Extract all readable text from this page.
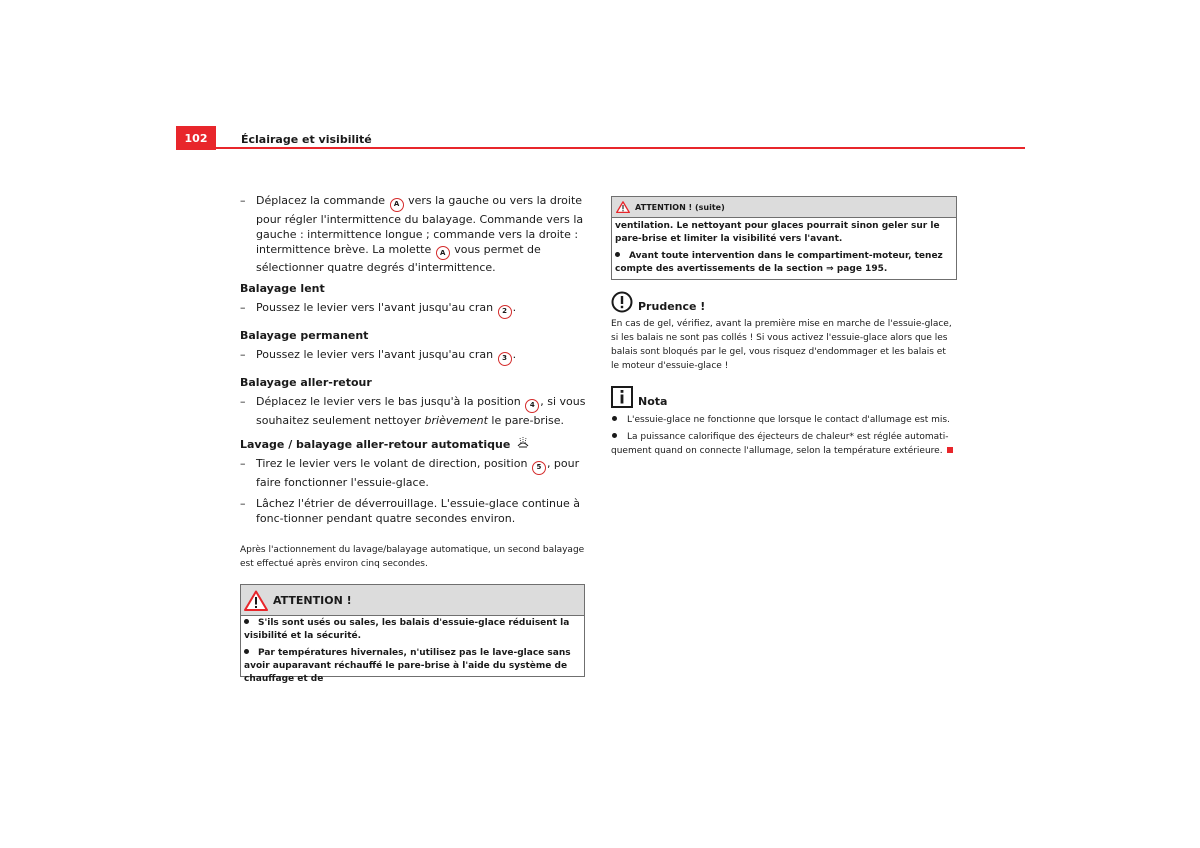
102	Éclairage et visibilité
– Déplacez la commande A vers la gauche ou vers la droite pour régler l'intermittence du balayage. Commande vers la gauche : intermittence longue ; commande vers la droite : intermittence brève. La molette A vous permet de sélectionner quatre degrés d'intermittence.
Balayage lent
– Poussez le levier vers l'avant jusqu'au cran 2 .
Balayage permanent
– Poussez le levier vers l'avant jusqu'au cran 3 .
Balayage aller-retour
– Déplacez le levier vers le bas jusqu'à la position 4 , si vous souhaitez seulement nettoyer brièvement le pare-brise.
Lavage / balayage aller-retour automatique
– Tirez le levier vers le volant de direction, position 5 , pour faire fonctionner l'essuie-glace.
– Lâchez l'étrier de déverrouillage. L'essuie-glace continue à fonc-tionner pendant quatre secondes environ.
Après l'actionnement du lavage/balayage automatique, un second balayage est effectué après environ cinq secondes.
ATTENTION !
S'ils sont usés ou sales, les balais d'essuie-glace réduisent la visibilité et la sécurité.
Par températures hivernales, n'utilisez pas le lave-glace sans avoir auparavant réchauffé le pare-brise à l'aide du système de chauffage et de
ATTENTION ! (suite)
ventilation. Le nettoyant pour glaces pourrait sinon geler sur le pare-brise et limiter la visibilité vers l'avant.
Avant toute intervention dans le compartiment-moteur, tenez compte des avertissements de la section ⇒ page 195.
Prudence !
En cas de gel, vérifiez, avant la première mise en marche de l'essuie-glace, si les balais ne sont pas collés ! Si vous activez l'essuie-glace alors que les balais sont bloqués par le gel, vous risquez d'endommager et les balais et le moteur d'essuie-glace !
Nota
L'essuie-glace ne fonctionne que lorsque le contact d'allumage est mis.
La puissance calorifique des éjecteurs de chaleur* est réglée automati-quement quand on connecte l'allumage, selon la température extérieure.
